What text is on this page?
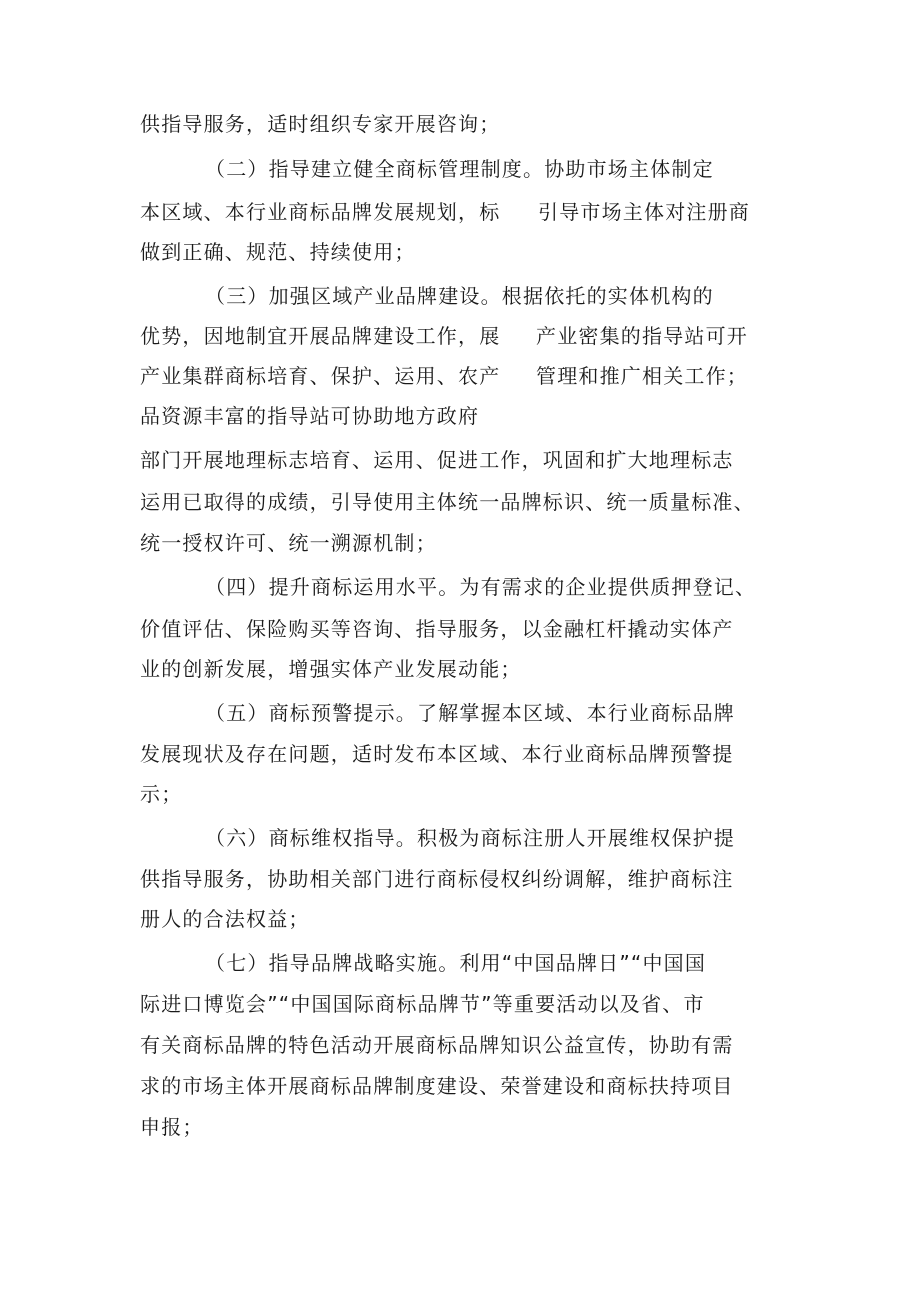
供指导服务，适时组织专家开展咨询；
（二）指导建立健全商标管理制度。协助市场主体制定
本区域、本行业商标品牌发展规划，标 引导市场主体对注册商
做到正确、规范、持续使用；
（三）加强区域产业品牌建设。根据依托的实体机构的
优势，因地制宜开展品牌建设工作，展 产业密集的指导站可开
产业集群商标培育、保护、运用、农产 管理和推广相关工作；
品资源丰富的指导站可协助地方政府
部门开展地理标志培育、运用、促进工作，巩固和扩大地理标志
运用已取得的成绩，引导使用主体统一品牌标识、统一质量标准、
统一授权许可、统一溯源机制；
（四）提升商标运用水平。为有需求的企业提供质押登记、
价值评估、保险购买等咨询、指导服务，以金融杠杆撬动实体产
业的创新发展，增强实体产业发展动能；
（五）商标预警提示。了解掌握本区域、本行业商标品牌
发展现状及存在问题，适时发布本区域、本行业商标品牌预警提
示；
（六）商标维权指导。积极为商标注册人开展维权保护提
供指导服务，协助相关部门进行商标侵权纠纷调解，维护商标注
册人的合法权益；
（七）指导品牌战略实施。利用“中国品牌日”“中国国
际进口博览会”“中国国际商标品牌节”等重要活动以及省、市
有关商标品牌的特色活动开展商标品牌知识公益宣传，协助有需
求的市场主体开展商标品牌制度建设、荣誉建设和商标扶持项目
申报；
